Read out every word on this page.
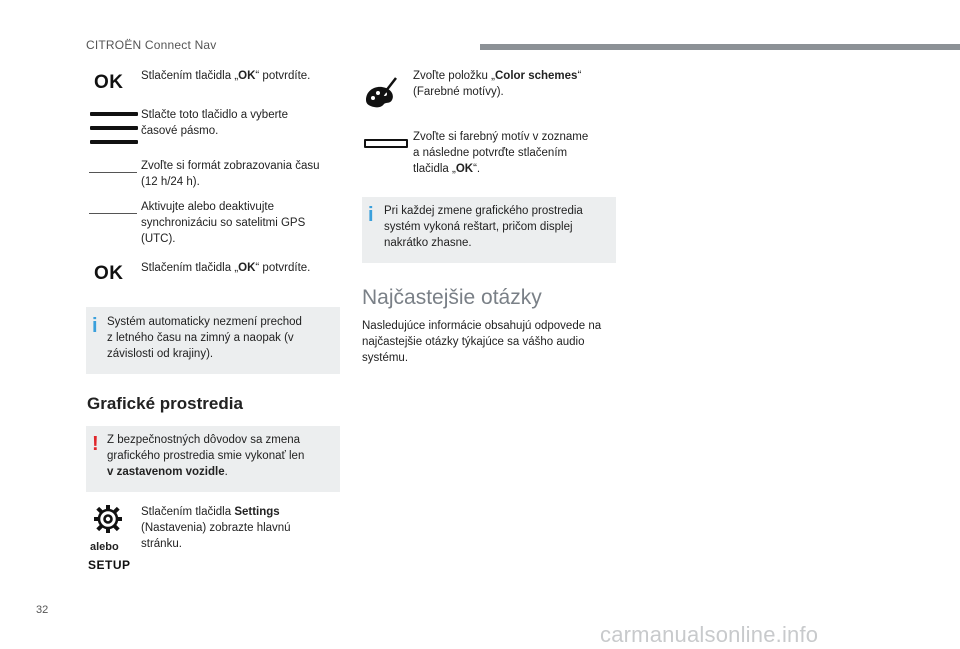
CITROËN Connect Nav
OK Stlačením tlačidla „OK“ potvrdíte.
Stlačte toto tlačidlo a vyberte
časové pásmo.
Zvoľte si formát zobrazovania času
(12 h/24 h).
Aktivujte alebo deaktivujte
synchronizáciu so satelitmi GPS
(UTC).
OK Stlačením tlačidla „OK“ potvrdíte.
i Systém automaticky nezmení prechod
z letného času na zimný a naopak (v
závislosti od krajiny).
Grafické prostredia
! Z bezpečnostných dôvodov sa zmena
grafického prostredia smie vykonať len
v zastavenom vozidle.
alebo
SETUP
Stlačením tlačidla Settings
(Nastavenia) zobrazte hlavnú
stránku.
Zvoľte položku „Color schemes“
(Farebné motívy).
Zvoľte si farebný motív v zozname
a následne potvrďte stlačením
tlačidla „OK“.
i Pri každej zmene grafického prostredia
systém vykoná reštart, pričom displej
nakrátko zhasne.
Najčastejšie otázky
Nasledujúce informácie obsahujú odpovede na
najčastejšie otázky týkajúce sa vášho audio
systému.
32
carmanualsonline.info
